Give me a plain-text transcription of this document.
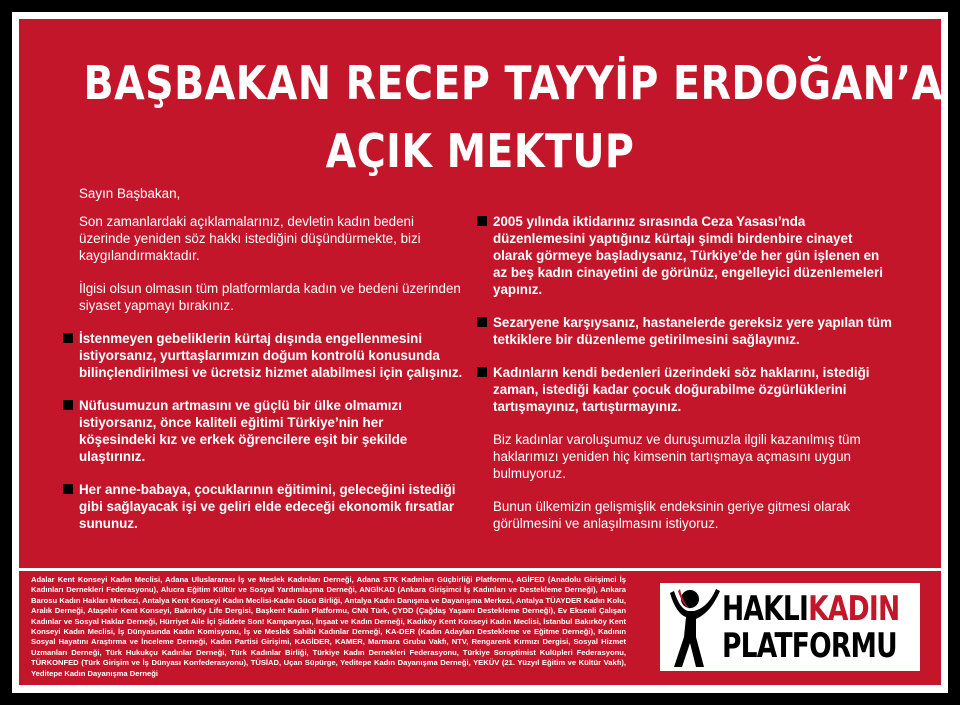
BAŞBAKAN RECEP TAYYİP ERDOĞAN’A
AÇIK MEKTUP

Sayın Başbakan,

Son zamanlardaki açıklamalarınız, devletin kadın bedeni üzerinde yeniden söz hakkı istediğini düşündürmekte, bizi kaygılandırmaktadır.

İlgisi olsun olmasın tüm platformlarda kadın ve bedeni üzerinden siyaset yapmayı bırakınız.

İstenmeyen gebeliklerin kürtaj dışında engellenmesini istiyorsanız, yurttaşlarımızın doğum kontrolü konusunda bilinçlendirilmesi ve ücretsiz hizmet alabilmesi için çalışınız.
Nüfusumuzun artmasını ve güçlü bir ülke olmamızı istiyorsanız, önce kaliteli eğitimi Türkiye’nin her köşesindeki kız ve erkek öğrencilere eşit bir şekilde ulaştırınız.
Her anne-babaya, çocuklarının eğitimini, geleceğini istediği gibi sağlayacak işi ve geliri elde edeceği ekonomik fırsatlar sununuz.
2005 yılında iktidarınız sırasında Ceza Yasası’nda düzenlemesini yaptığınız kürtajı şimdi birdenbire cinayet olarak görmeye başladıysanız, Türkiye’de her gün işlenen en az beş kadın cinayetini de görünüz, engelleyici düzenlemeleri yapınız.
Sezaryene karşıysanız, hastanelerde gereksiz yere yapılan tüm tetkiklere bir düzenleme getirilmesini sağlayınız.
Kadınların kendi bedenleri üzerindeki söz haklarını, istediği zaman, istediği kadar çocuk doğurabilme özgürlüklerini tartışmayınız, tartıştırmayınız.

Biz kadınlar varoluşumuz ve duruşumuzla ilgili kazanılmış tüm haklarımızı yeniden hiç kimsenin tartışmaya açmasını uygun bulmuyoruz.

Bunun ülkemizin gelişmişlik endeksinin geriye gitmesi olarak görülmesini ve anlaşılmasını istiyoruz.

Adalar Kent Konseyi Kadın Meclisi, Adana Uluslararası İş ve Meslek Kadınları Derneği, Adana STK Kadınları Güçbirliği Platformu, AGİFED (Anadolu Girişimci İş Kadınları Dernekleri Federasyonu), Alucra Eğitim Kültür ve Sosyal Yardımlaşma Derneği, ANGİKAD (Ankara Girişimci İş Kadınları ve Destekleme Derneği), Ankara Barosu Kadın Hakları Merkezi, Antalya Kent Konseyi Kadın Meclisi-Kadın Gücü Birliği, Antalya Kadın Danışma ve Dayanışma Merkezi, Antalya TÜAYDER Kadın Kolu, Aralık Derneği, Ataşehir Kent Konseyi, Bakırköy Life Dergisi, Başkent Kadın Platformu, CNN Türk, ÇYDD (Çağdaş Yaşamı Destekleme Derneği), Ev Eksenli Çalışan Kadınlar ve Sosyal Haklar Derneği, Hürriyet Aile İçi Şiddete Son! Kampanyası, İnşaat ve Kadın Derneği, Kadıköy Kent Konseyi Kadın Meclisi, İstanbul Bakırköy Kent Konseyi Kadın Meclisi, İş Dünyasında Kadın Komisyonu, İş ve Meslek Sahibi Kadınlar Derneği, KA-DER (Kadın Adayları Destekleme ve Eğitme Derneği), Kadının Sosyal Hayatını Araştırma ve İnceleme Derneği, Kadın Partisi Girişimi, KAGİDER, KAMER, Marmara Grubu Vakfı, NTV, Rengarenk Kırmızı Dergisi, Sosyal Hizmet Uzmanları Derneği, Türk Hukukçu Kadınlar Derneği, Türk Kadınlar Birliği, Türkiye Kadın Dernekleri Federasyonu, Türkiye Soroptimist Kulüpleri Federasyonu, TÜRKONFED (Türk Girişim ve İş Dünyası Konfederasyonu), TÜSİAD, Uçan Süpürge, Yeditepe Kadın Dayanışma Derneği, YEKÜV (21. Yüzyıl Eğitim ve Kültür Vakfı), Yeditepe Kadın Dayanışma Derneği
HAKLIKADIN
PLATFORMU
